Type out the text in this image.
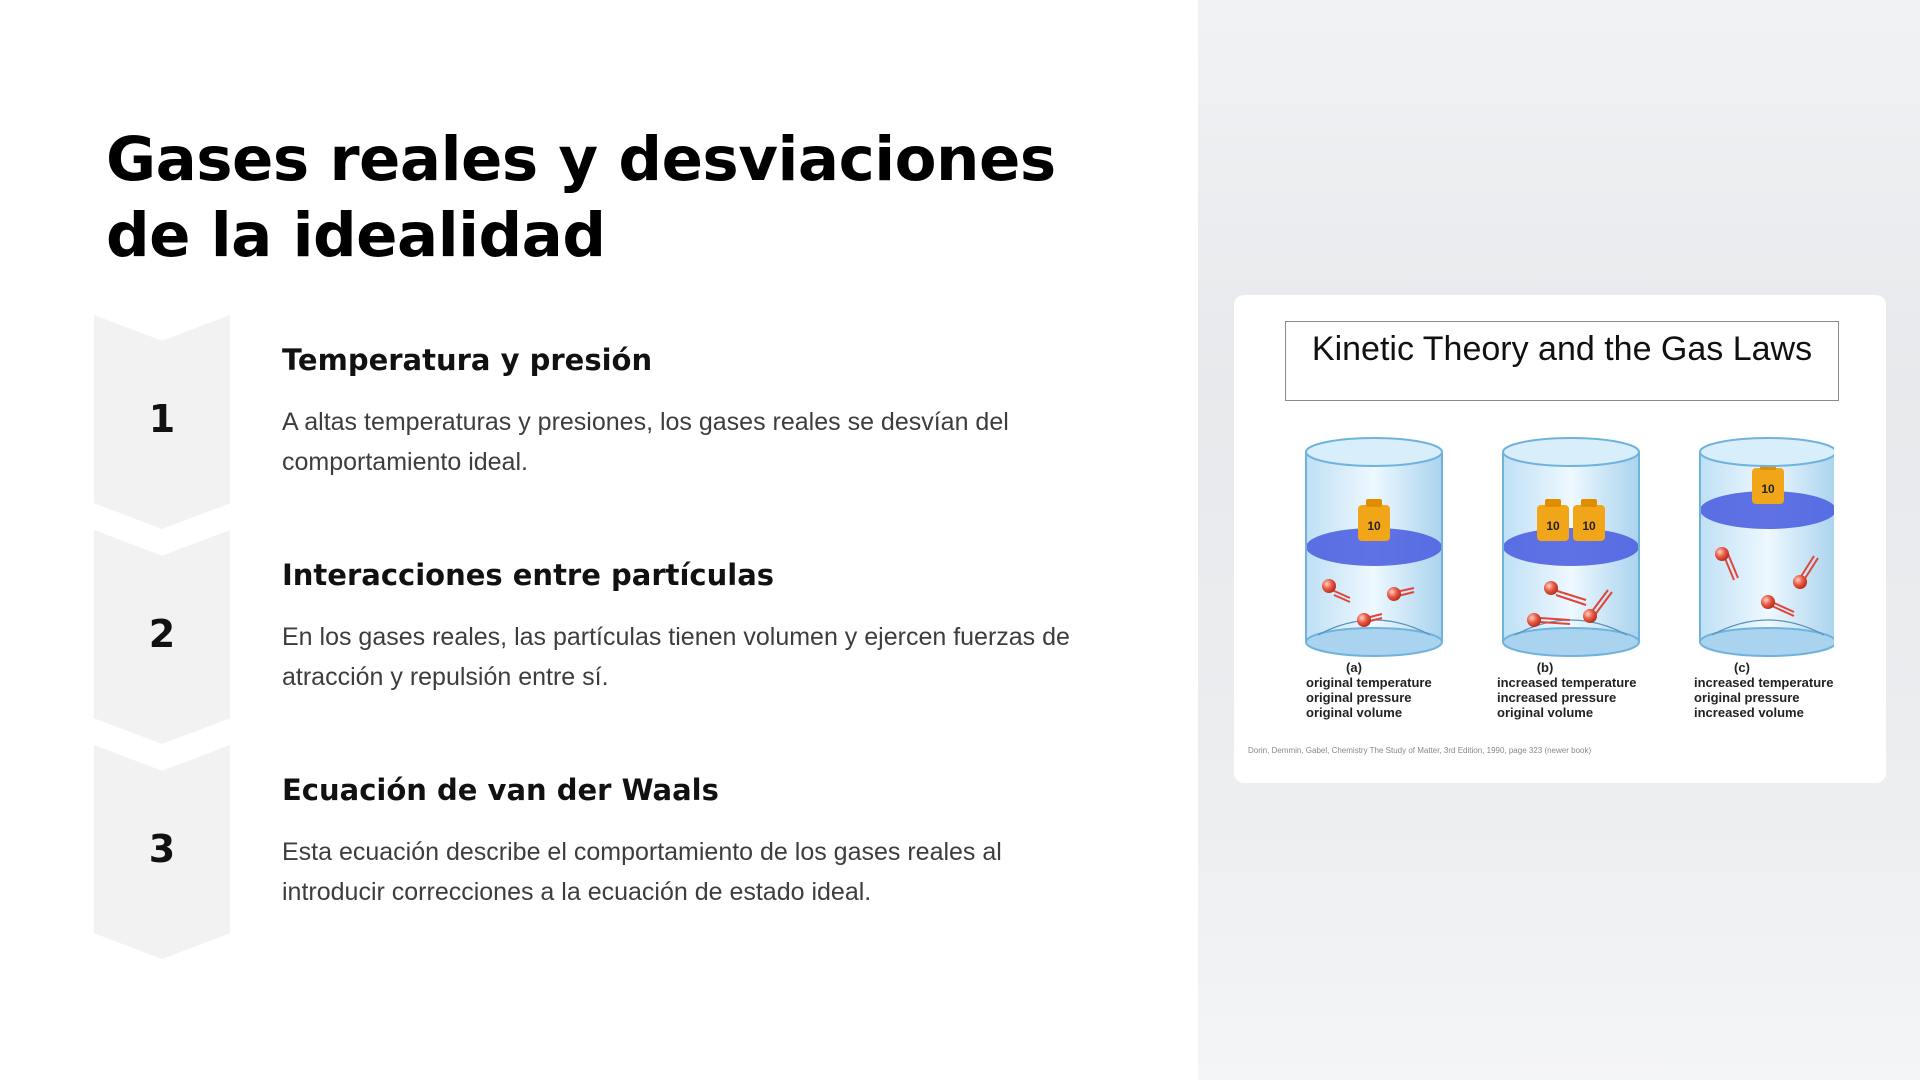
Gases reales y desviaciones de la idealidad
1
Temperatura y presión

A altas temperaturas y presiones, los gases reales se desvían del comportamiento ideal.

2
Interacciones entre partículas

En los gases reales, las partículas tienen volumen y ejercen fuerzas de atracción y repulsión entre sí.

3
Ecuación de van der Waals

Esta ecuación describe el comportamiento de los gases reales al introducir correcciones a la ecuación de estado ideal.

Kinetic Theory and the Gas Laws
10	10 10
10
(a)
original temperature
original pressure
original volume
(b)
increased temperature
increased pressure
original volume
(c)
increased temperature
original pressure
increased volume
Dorin, Demmin, Gabel, Chemistry The Study of Matter, 3rd Edition, 1990, page 323 (newer book)
